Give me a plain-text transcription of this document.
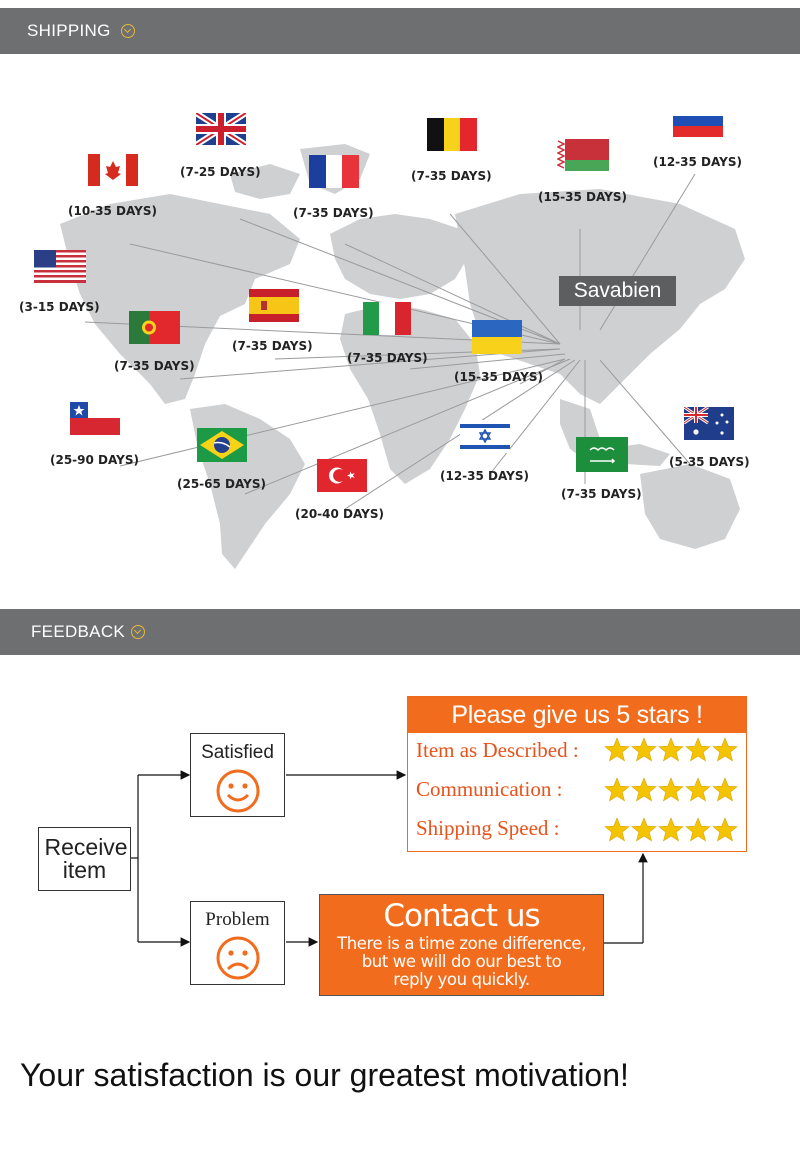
SHIPPING
(7-25 DAYS)
(10-35 DAYS)	(7-35 DAYS)
(7-35 DAYS)
(15-35 DAYS)
(12-35 DAYS)
(3-15 DAYS)
(7-35 DAYS)
(7-35 DAYS)
(7-35 DAYS)
(15-35 DAYS)
(25-90 DAYS)
(25-65 DAYS)
(20-40 DAYS)
(12-35 DAYS)
(7-35 DAYS)
(5-35 DAYS)
Savabien
FEEDBACK
Receive item
Satisfied
Problem
Please give us 5 stars !
Item as Described :
Communication :
Shipping Speed :
Contact us
There is a time zone difference,
but we will do our best to
reply you quickly.
Your satisfaction is our greatest motivation!
